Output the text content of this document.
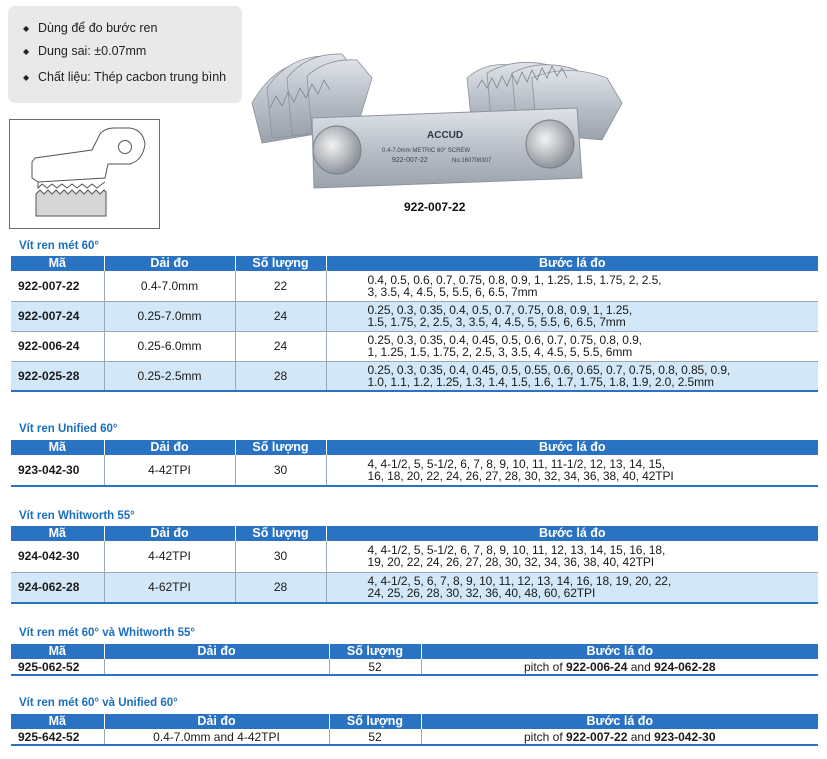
◆ Dùng để đo bước ren
◆ Dung sai: ±0.07mm
◆ Chất liệu: Thép cacbon trung bình
ACCUD
0.4-7.0mm METRIC 60° SCREW
922-007-22	No.160708307
922-007-22
Vít ren mét 60°
Mã	Dải đo	Số lượng	Bước lá đo
922-007-22	0.4-7.0mm	22	0.4, 0.5, 0.6, 0.7, 0.75, 0.8, 0.9, 1, 1.25, 1.5, 1.75, 2, 2.5,
3, 3.5, 4, 4.5, 5, 5.5, 6, 6.5, 7mm

922-007-24	0.25-7.0mm	24	0.25, 0.3, 0.35, 0.4, 0.5, 0.7, 0.75, 0.8, 0.9, 1, 1.25,
1.5, 1.75, 2, 2.5, 3, 3.5, 4, 4.5, 5, 5.5, 6, 6.5, 7mm

922-006-24	0.25-6.0mm	24	0.25, 0.3, 0.35, 0.4, 0.45, 0.5, 0.6, 0.7, 0.75, 0.8, 0.9,
1, 1.25, 1.5, 1.75, 2, 2.5, 3, 3.5, 4, 4.5, 5, 5.5, 6mm

922-025-28	0.25-2.5mm	28	0.25, 0.3, 0.35, 0.4, 0.45, 0.5, 0.55, 0.6, 0.65, 0.7, 0.75, 0.8, 0.85, 0.9,
1.0, 1.1, 1.2, 1.25, 1.3, 1.4, 1.5, 1.6, 1.7, 1.75, 1.8, 1.9, 2.0, 2.5mm
Vít ren Unified 60°
Mã	Dải đo	Số lượng	Bước lá đo
923-042-30	4-42TPI	30	4, 4-1/2, 5, 5-1/2, 6, 7, 8, 9, 10, 11, 11-1/2, 12, 13, 14, 15,
16, 18, 20, 22, 24, 26, 27, 28, 30, 32, 34, 36, 38, 40, 42TPI
Vít ren Whitworth 55°
Mã	Dải đo	Số lượng	Bước lá đo
924-042-30	4-42TPI	30	4, 4-1/2, 5, 5-1/2, 6, 7, 8, 9, 10, 11, 12, 13, 14, 15, 16, 18,
19, 20, 22, 24, 26, 27, 28, 30, 32, 34, 36, 38, 40, 42TPI

924-062-28	4-62TPI	28	4, 4-1/2, 5, 6, 7, 8, 9, 10, 11, 12, 13, 14, 16, 18, 19, 20, 22,
24, 25, 26, 28, 30, 32, 36, 40, 48, 60, 62TPI
Vít ren mét 60° và Whitworth 55°
Mã	Dải đo	Số lượng	Bước lá đo
925-062-52		52	pitch of 922-006-24 and 924-062-28
Vít ren mét 60° và Unified 60°
Mã	Dải đo	Số lượng	Bước lá đo
925-642-52	0.4-7.0mm and 4-42TPI	52	pitch of 922-007-22 and 923-042-30
